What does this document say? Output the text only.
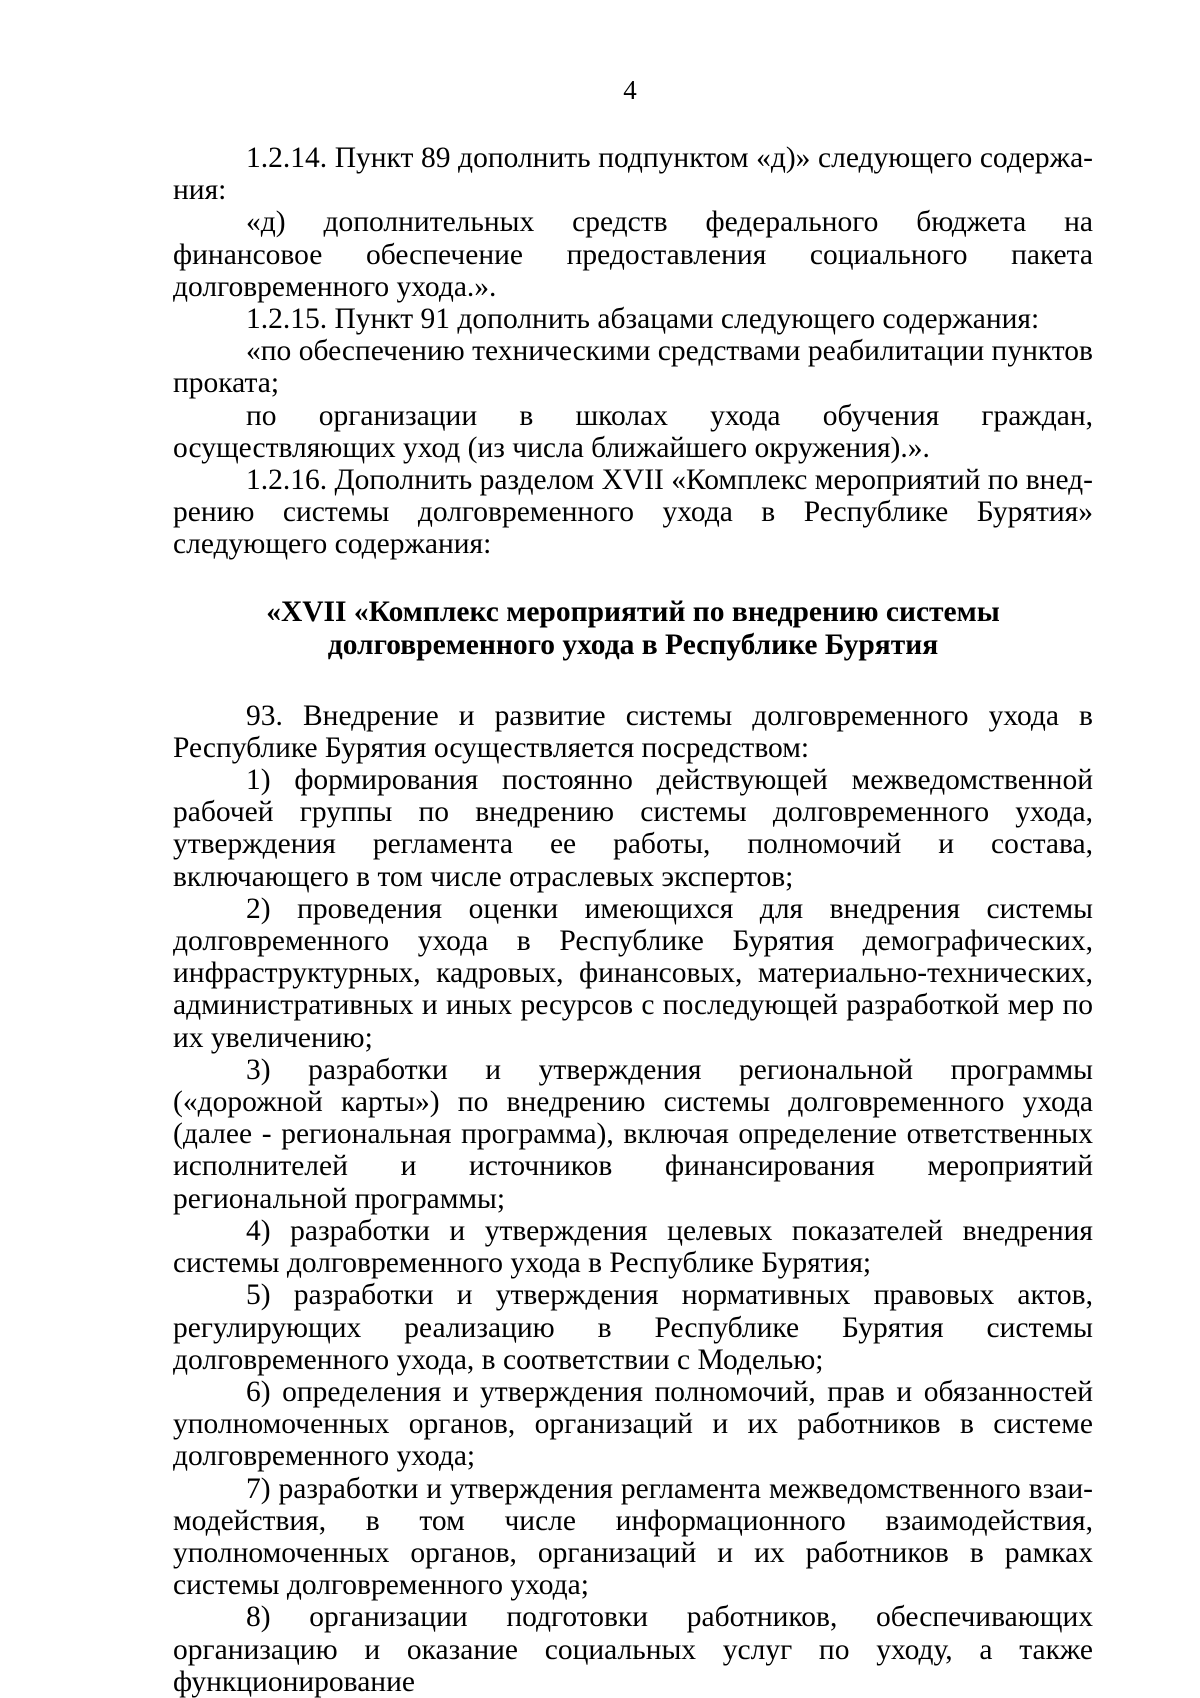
4

1.2.14. Пункт 89 дополнить подпунктом «д)» следующего содержания:

«д) дополнительных средств федерального бюджета на финансовое обеспечение предоставления социального пакета долговременного ухода.».

1.2.15. Пункт 91 дополнить абзацами следующего содержания:

«по обеспечению техническими средствами реабилитации пунктов проката;

по организации в школах ухода обучения граждан, осуществляющих уход (из числа ближайшего окружения).».

1.2.16. Дополнить разделом XVII «Комплекс мероприятий по внедрению системы долговременного ухода в Республике Бурятия» следующего содержания:

«XVII «Комплекс мероприятий по внедрению системы
долговременного ухода в Республике Бурятия

93. Внедрение и развитие системы долговременного ухода в Республике Бурятия осуществляется посредством:

1) формирования постоянно действующей межведомственной рабочей группы по внедрению системы долговременного ухода, утверждения регламента ее работы, полномочий и состава, включающего в том числе отраслевых экспертов;

2) проведения оценки имеющихся для внедрения системы долговременного ухода в Республике Бурятия демографических, инфраструктурных, кадровых, финансовых, материально-технических, административных и иных ресурсов с последующей разработкой мер по их увеличению;

3) разработки и утверждения региональной программы («дорожной карты») по внедрению системы долговременного ухода (далее - региональная программа), включая определение ответственных исполнителей и источников финансирования мероприятий региональной программы;

4) разработки и утверждения целевых показателей внедрения системы долговременного ухода в Республике Бурятия;

5) разработки и утверждения нормативных правовых актов, регулирующих реализацию в Республике Бурятия системы долговременного ухода, в соответствии с Моделью;

6) определения и утверждения полномочий, прав и обязанностей уполномоченных органов, организаций и их работников в системе долговременного ухода;

7) разработки и утверждения регламента межведомственного взаимодействия, в том числе информационного взаимодействия, уполномоченных органов, организаций и их работников в рамках системы долговременного ухода;

8) организации подготовки работников, обеспечивающих организацию и оказание социальных услуг по уходу, а также функционирование
